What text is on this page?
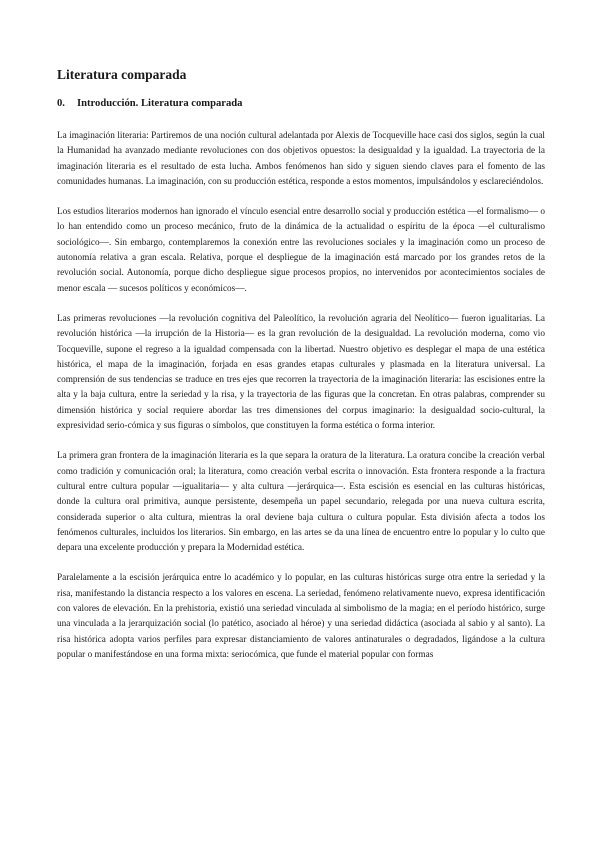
Literatura comparada
0. Introducción. Literatura comparada

La imaginación literaria: Partiremos de una noción cultural adelantada por Alexis de Tocqueville hace casi dos siglos, según la cual la Humanidad ha avanzado mediante revoluciones con dos objetivos opuestos: la desigualdad y la igualdad. La trayectoria de la imaginación literaria es el resultado de esta lucha. Ambos fenómenos han sido y siguen siendo claves para el fomento de las comunidades humanas. La imaginación, con su producción estética, responde a estos momentos, impulsándolos y esclareciéndolos.

Los estudios literarios modernos han ignorado el vínculo esencial entre desarrollo social y producción estética —el formalismo— o lo han entendido como un proceso mecánico, fruto de la dinámica de la actualidad o espíritu de la época —el culturalismo sociológico—. Sin embargo, contemplaremos la conexión entre las revoluciones sociales y la imaginación como un proceso de autonomía relativa a gran escala. Relativa, porque el despliegue de la imaginación está marcado por los grandes retos de la revolución social. Autonomía, porque dicho despliegue sigue procesos propios, no intervenidos por acontecimientos sociales de menor escala — sucesos políticos y económicos—.

Las primeras revoluciones —la revolución cognitiva del Paleolítico, la revolución agraria del Neolítico— fueron igualitarias. La revolución histórica —la irrupción de la Historia— es la gran revolución de la desigualdad. La revolución moderna, como vio Tocqueville, supone el regreso a la igualdad compensada con la libertad. Nuestro objetivo es desplegar el mapa de una estética histórica, el mapa de la imaginación, forjada en esas grandes etapas culturales y plasmada en la literatura universal. La comprensión de sus tendencias se traduce en tres ejes que recorren la trayectoria de la imaginación literaria: las escisiones entre la alta y la baja cultura, entre la seriedad y la risa, y la trayectoria de las figuras que la concretan. En otras palabras, comprender su dimensión histórica y social requiere abordar las tres dimensiones del corpus imaginario: la desigualdad socio-cultural, la expresividad serio-cómica y sus figuras o símbolos, que constituyen la forma estética o forma interior.

La primera gran frontera de la imaginación literaria es la que separa la oratura de la literatura. La oratura concibe la creación verbal como tradición y comunicación oral; la literatura, como creación verbal escrita o innovación. Esta frontera responde a la fractura cultural entre cultura popular —igualitaria— y alta cultura —jerárquica—. Esta escisión es esencial en las culturas históricas, donde la cultura oral primitiva, aunque persistente, desempeña un papel secundario, relegada por una nueva cultura escrita, considerada superior o alta cultura, mientras la oral deviene baja cultura o cultura popular. Esta división afecta a todos los fenómenos culturales, incluidos los literarios. Sin embargo, en las artes se da una línea de encuentro entre lo popular y lo culto que depara una excelente producción y prepara la Modernidad estética.

Paralelamente a la escisión jerárquica entre lo académico y lo popular, en las culturas históricas surge otra entre la seriedad y la risa, manifestando la distancia respecto a los valores en escena. La seriedad, fenómeno relativamente nuevo, expresa identificación con valores de elevación. En la prehistoria, existió una seriedad vinculada al simbolismo de la magia; en el período histórico, surge una vinculada a la jerarquización social (lo patético, asociado al héroe) y una seriedad didáctica (asociada al sabio y al santo). La risa histórica adopta varios perfiles para expresar distanciamiento de valores antinaturales o degradados, ligándose a la cultura popular o manifestándose en una forma mixta: seriocómica, que funde el material popular con formas
